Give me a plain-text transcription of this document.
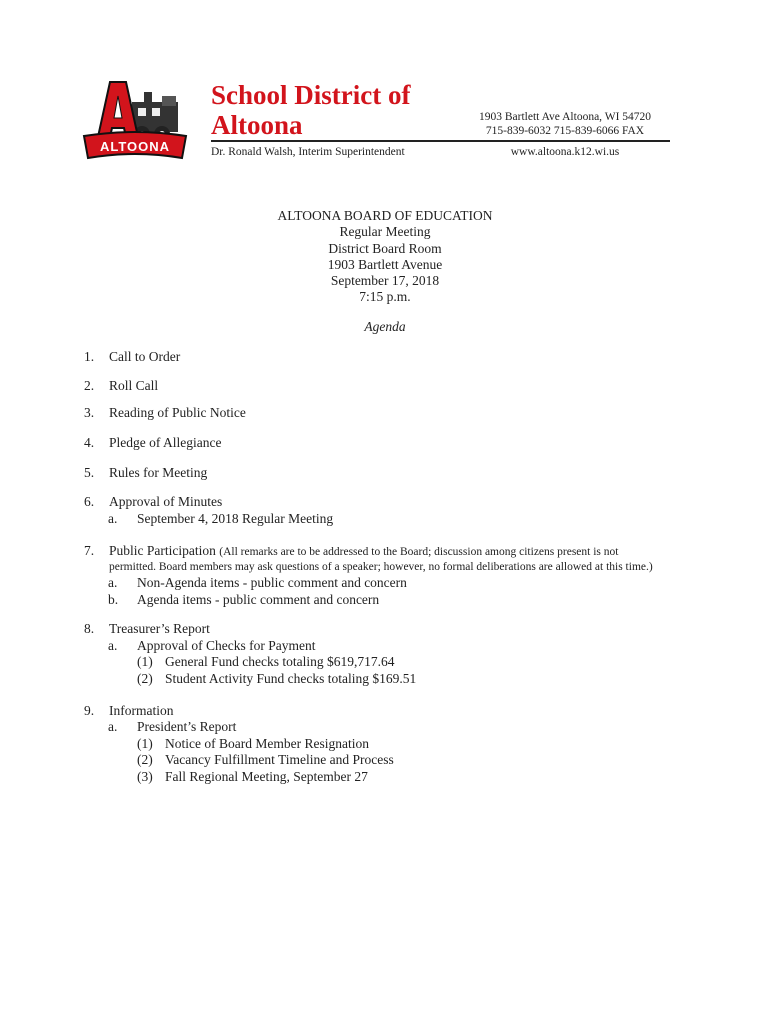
ALTOONA
School District of
Altoona
Dr. Ronald Walsh, Interim Superintendent
1903 Bartlett Ave Altoona, WI 54720
715-839-6032 715-839-6066 FAX
www.altoona.k12.wi.us
ALTOONA BOARD OF EDUCATION
Regular Meeting
District Board Room
1903 Bartlett Avenue
September 17, 2018
7:15 p.m.
Agenda
1. Call to Order
2. Roll Call
3. Reading of Public Notice
4. Pledge of Allegiance
5. Rules for Meeting
6. Approval of Minutes
a. September 4, 2018 Regular Meeting
7. Public Participation (All remarks are to be addressed to the Board; discussion among citizens present is not
permitted. Board members may ask questions of a speaker; however, no formal deliberations are allowed at this time.)
a. Non-Agenda items - public comment and concern
b. Agenda items - public comment and concern
8. Treasurer’s Report
a. Approval of Checks for Payment
(1) General Fund checks totaling $619,717.64
(2) Student Activity Fund checks totaling $169.51
9. Information
a. President’s Report
(1) Notice of Board Member Resignation
(2) Vacancy Fulfillment Timeline and Process
(3) Fall Regional Meeting, September 27
